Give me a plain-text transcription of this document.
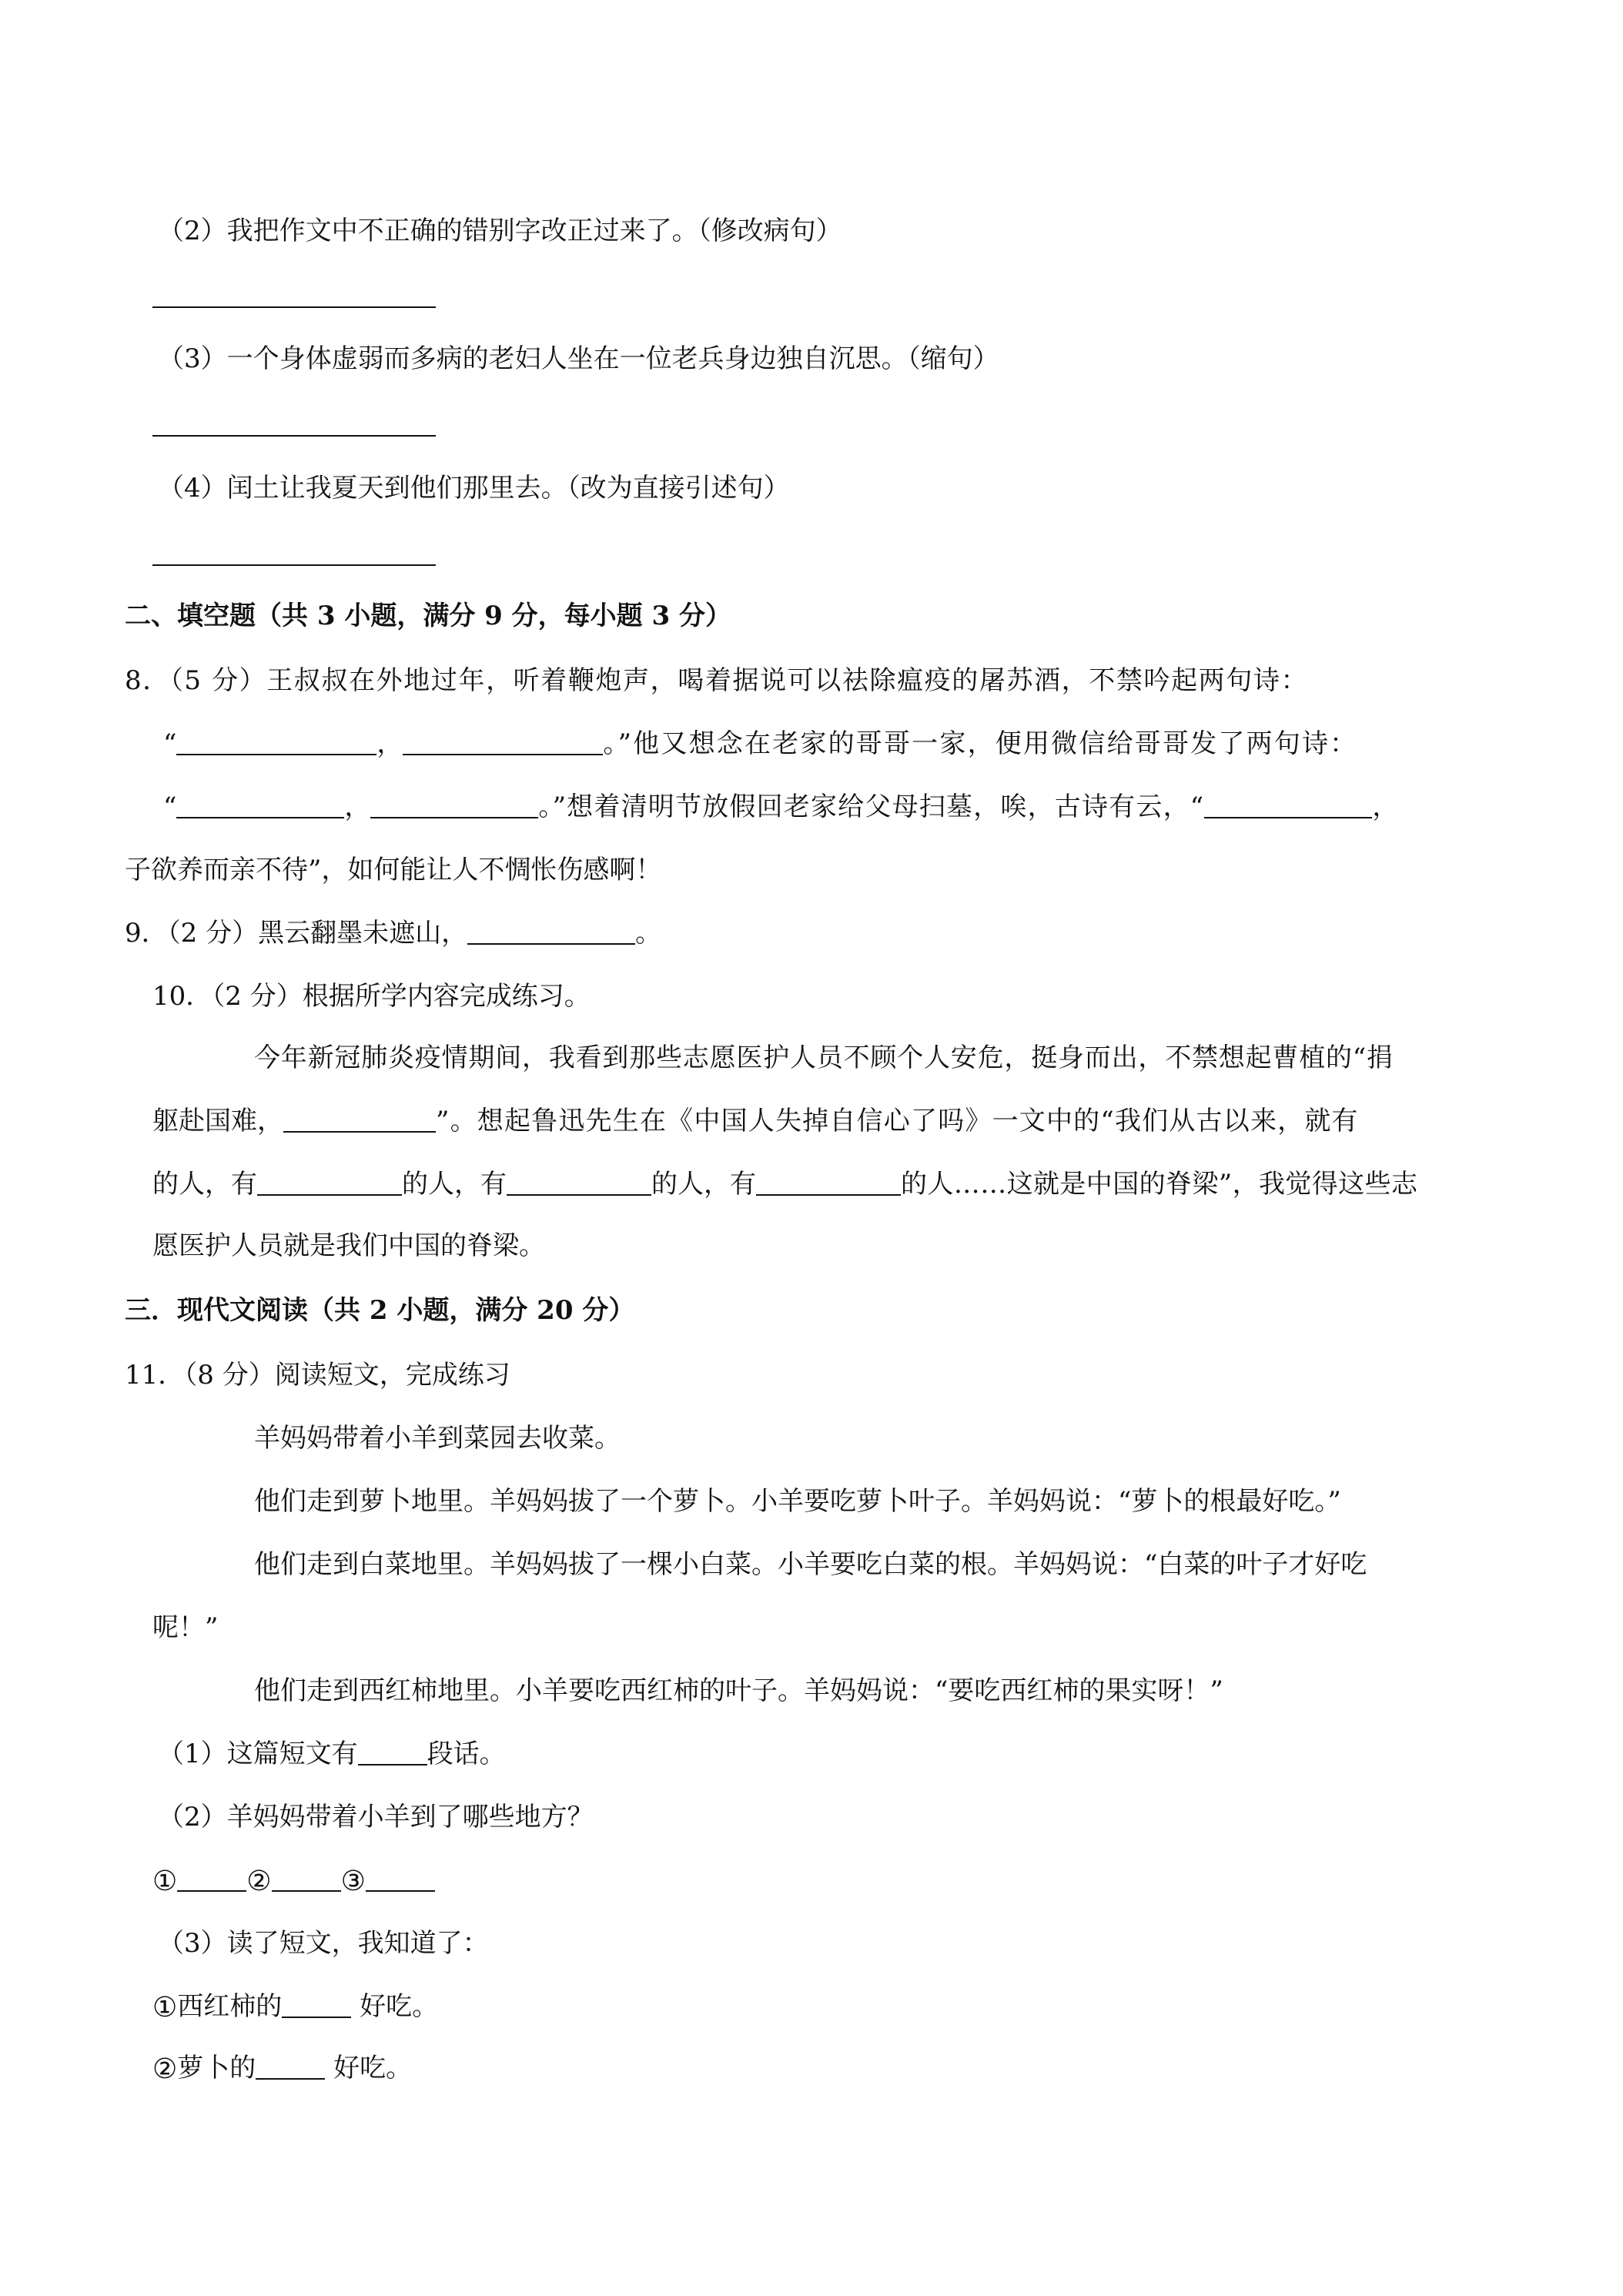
（2）我把作文中不正确的错别字改正过来了。（修改病句）
（3）一个身体虚弱而多病的老妇人坐在一位老兵身边独自沉思。（缩句）
（4）闰土让我夏天到他们那里去。（改为直接引述句）
二、填空题（共 3 小题，满分 9 分，每小题 3 分）
8．（5 分）王叔叔在外地过年，听着鞭炮声，喝着据说可以祛除瘟疫的屠苏酒，不禁吟起两句诗：
“	，	。”他又想念在老家的哥哥一家，便用微信给哥哥发了两句诗：
“	，	。”想着清明节放假回老家给父母扫墓，唉，古诗有云，“	，
子欲养而亲不待”，如何能让人不惆怅伤感啊！
9．（2 分）黑云翻墨未遮山，	。
10．（2 分）根据所学内容完成练习。
今年新冠肺炎疫情期间，我看到那些志愿医护人员不顾个人安危，挺身而出，不禁想起曹植的“捐
躯赴国难，	”。想起鲁迅先生在《中国人失掉自信心了吗》一文中的“我们从古以来，就有
的人，有	的人，有	的人，有	的人……这就是中国的脊梁”，我觉得这些志
愿医护人员就是我们中国的脊梁。
三．现代文阅读（共 2 小题，满分 20 分）
11．（8 分）阅读短文，完成练习
羊妈妈带着小羊到菜园去收菜。
他们走到萝卜地里。羊妈妈拔了一个萝卜。小羊要吃萝卜叶子。羊妈妈说：“萝卜的根最好吃。”
他们走到白菜地里。羊妈妈拔了一棵小白菜。小羊要吃白菜的根。羊妈妈说：“白菜的叶子才好吃
呢！”
他们走到西红柿地里。小羊要吃西红柿的叶子。羊妈妈说：“要吃西红柿的果实呀！”
（1）这篇短文有	段话。
（2）羊妈妈带着小羊到了哪些地方？
①	②	③
（3）读了短文，我知道了：
①西红柿的	好吃。
②萝卜的	好吃。
